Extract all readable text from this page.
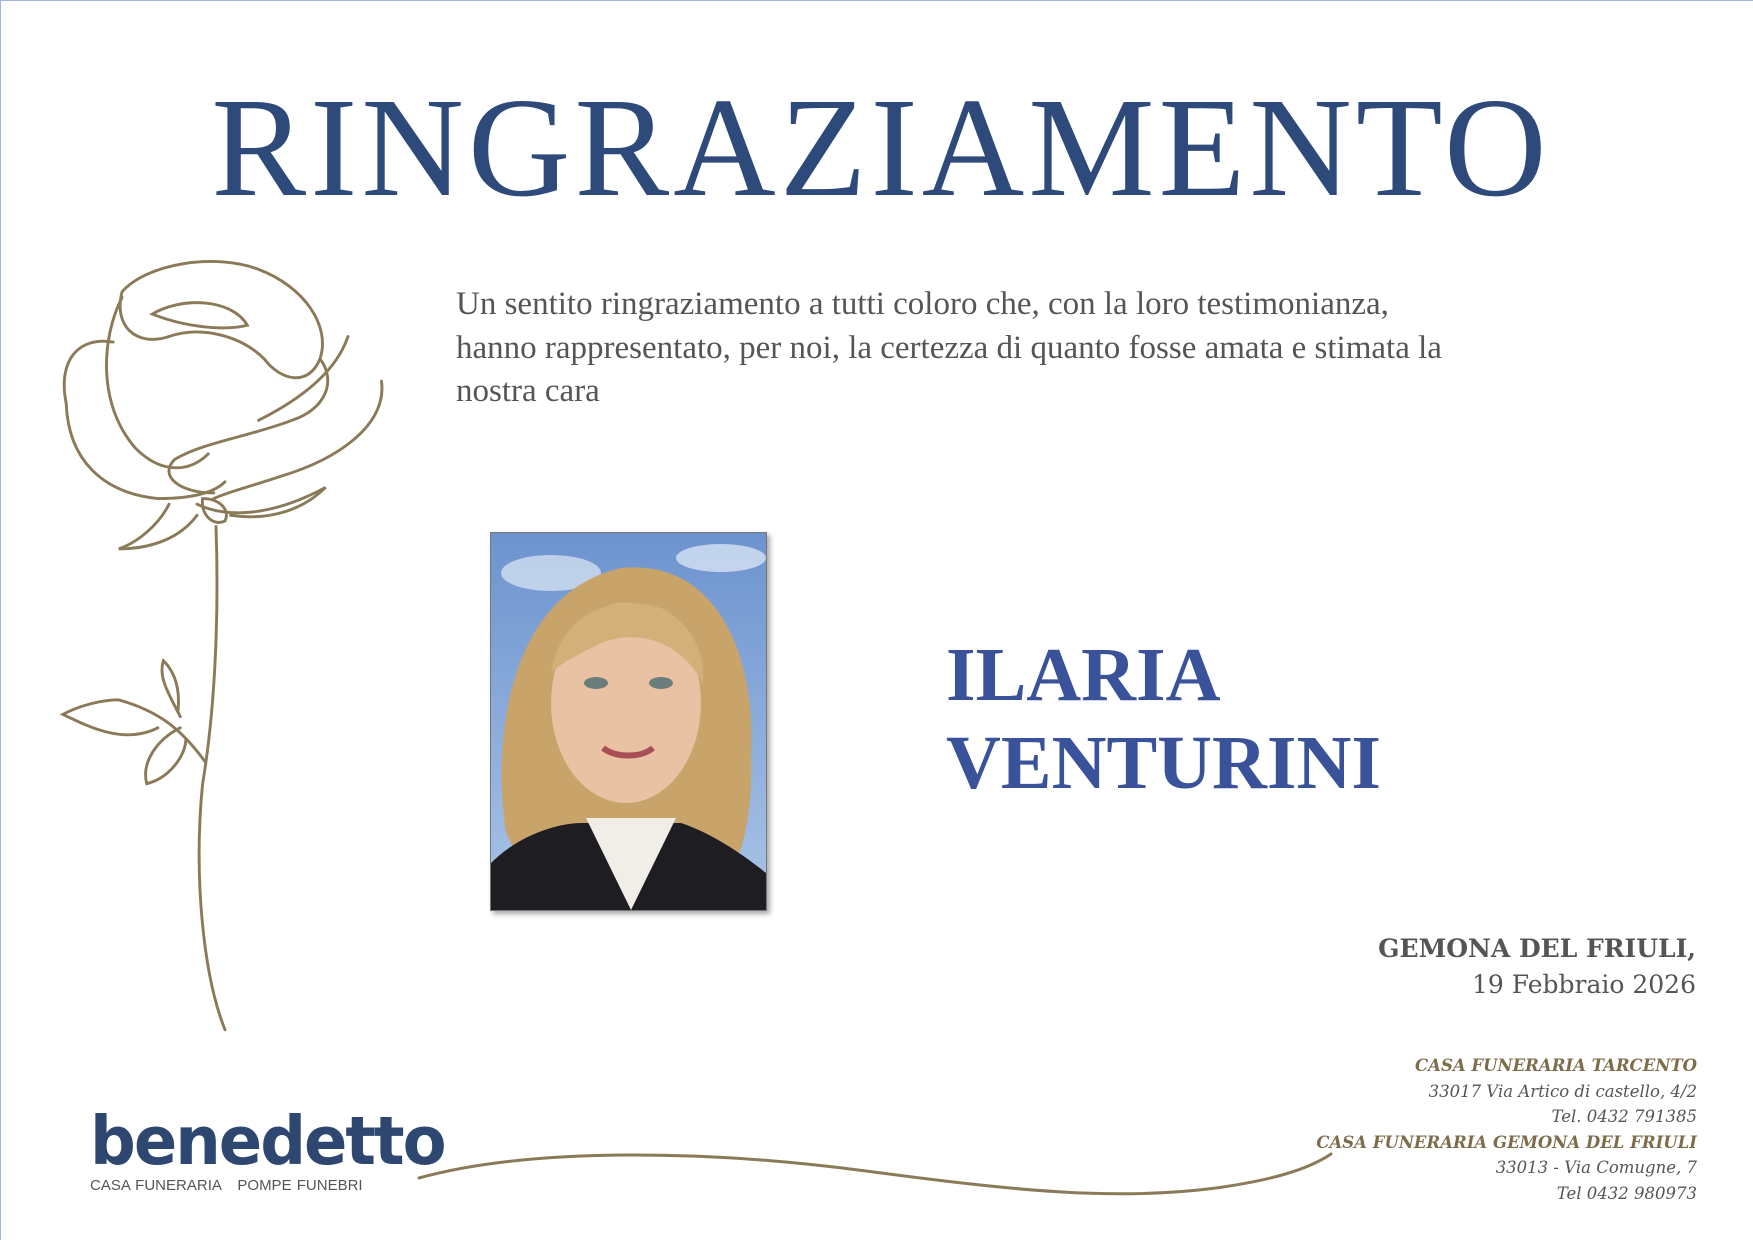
RINGRAZIAMENTO
Un sentito ringraziamento a tutti coloro che, con la loro testimonianza, hanno rappresentato, per noi, la certezza di quanto fosse amata e stimata la nostra cara
ILARIA
VENTURINI
GEMONA DEL FRIULI,
19 Febbraio 2026
CASA FUNERARIA TARCENTO
33017 Via Artico di castello, 4/2
Tel. 0432 791385
CASA FUNERARIA GEMONA DEL FRIULI
33013 - Via Comugne, 7
Tel 0432 980973
benedetto
CASA FUNERARIA POMPE FUNEBRI
